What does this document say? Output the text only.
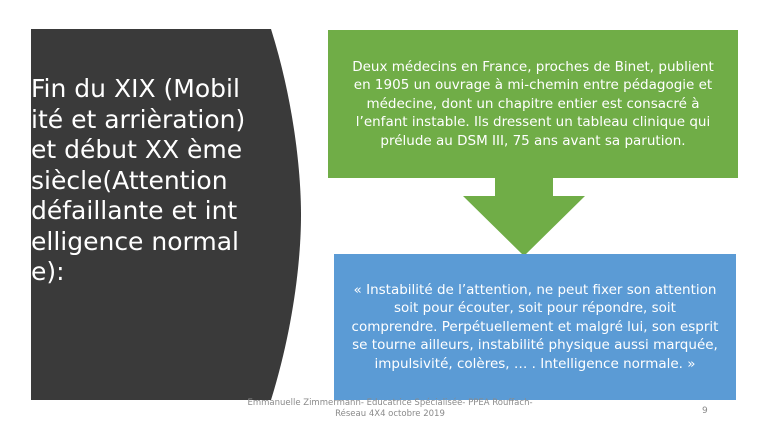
Fin du XIX (Mobilité et arrièration)et début XX ème siècle(Attention défaillante et intelligence normale):
Deux médecins en France, proches de Binet, publient en 1905 un ouvrage à mi-chemin entre pédagogie et médecine, dont un chapitre entier est consacré à l’enfant instable. Ils dressent un tableau clinique qui prélude au DSM III, 75 ans avant sa parution.
« Instabilité de l’attention, ne peut fixer son attention soit pour écouter, soit pour répondre, soit comprendre. Perpétuellement et malgré lui, son esprit se tourne ailleurs, instabilité physique aussi marquée, impulsivité, colères, … . Intelligence normale. »
Emmanuelle Zimmermann- Educatrice Spécialisée- PPEA Rouffach- Réseau 4X4 octobre 2019	9
